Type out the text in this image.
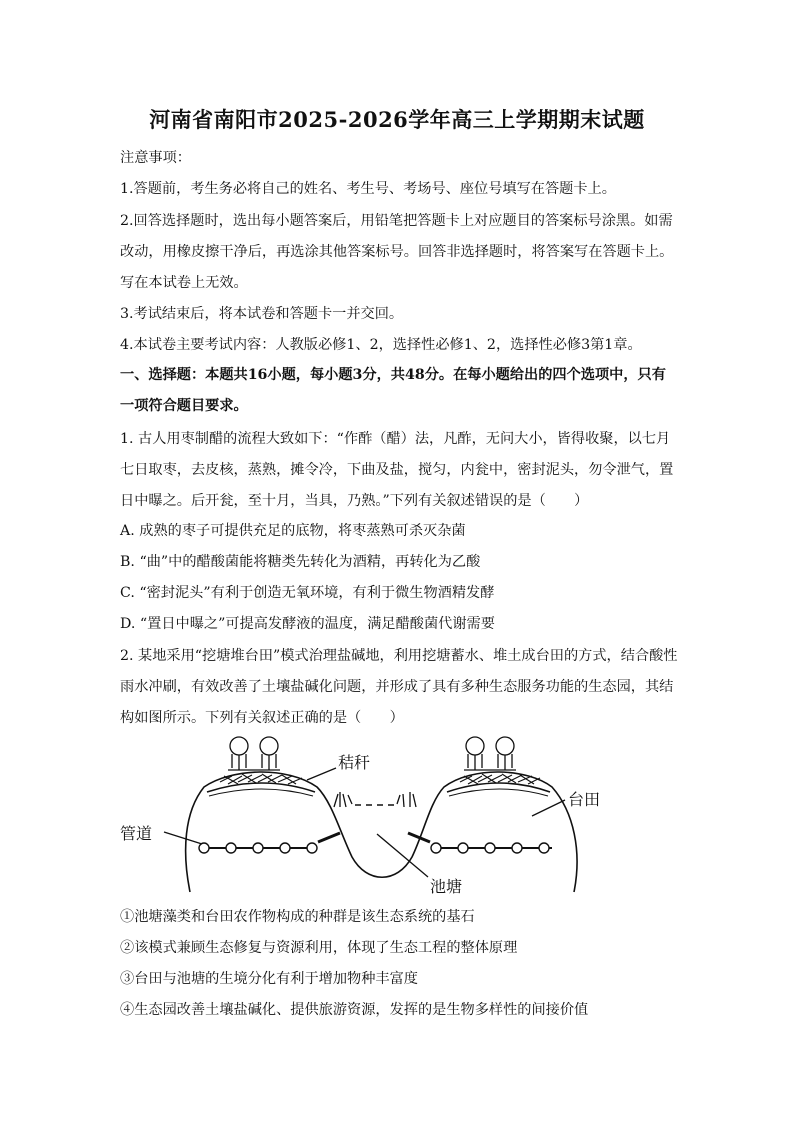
河南省南阳市2025-2026学年高三上学期期末试题
注意事项：
1.答题前，考生务必将自己的姓名、考生号、考场号、座位号填写在答题卡上。
2.回答选择题时，选出每小题答案后，用铅笔把答题卡上对应题目的答案标号涂黑。如需
改动，用橡皮擦干净后，再选涂其他答案标号。回答非选择题时，将答案写在答题卡上。
写在本试卷上无效。
3.考试结束后，将本试卷和答题卡一并交回。
4.本试卷主要考试内容：人教版必修1、2，选择性必修1、2，选择性必修3第1章。
一、选择题：本题共16小题，每小题3分，共48分。在每小题给出的四个选项中，只有
一项符合题目要求。
1. 古人用枣制醋的流程大致如下：“作酢（醋）法，凡酢，无问大小，皆得收聚，以七月
七日取枣，去皮核，蒸熟，摊令冷，下曲及盐，搅匀，内瓮中，密封泥头，勿令泄气，置
日中曝之。后开瓮，至十月，当具，乃熟。”下列有关叙述错误的是（　　）
A. 成熟的枣子可提供充足的底物，将枣蒸熟可杀灭杂菌
B. “曲”中的醋酸菌能将糖类先转化为酒精，再转化为乙酸
C. “密封泥头”有利于创造无氧环境，有利于微生物酒精发酵
D. “置日中曝之”可提高发酵液的温度，满足醋酸菌代谢需要
2. 某地采用“挖塘堆台田”模式治理盐碱地，利用挖塘蓄水、堆土成台田的方式，结合酸性
雨水冲刷，有效改善了土壤盐碱化问题，并形成了具有多种生态服务功能的生态园，其结
构如图所示。下列有关叙述正确的是（　　）
秸秆
台田
管道
池塘
①池塘藻类和台田农作物构成的种群是该生态系统的基石
②该模式兼顾生态修复与资源利用，体现了生态工程的整体原理
③台田与池塘的生境分化有利于增加物种丰富度
④生态园改善土壤盐碱化、提供旅游资源，发挥的是生物多样性的间接价值
